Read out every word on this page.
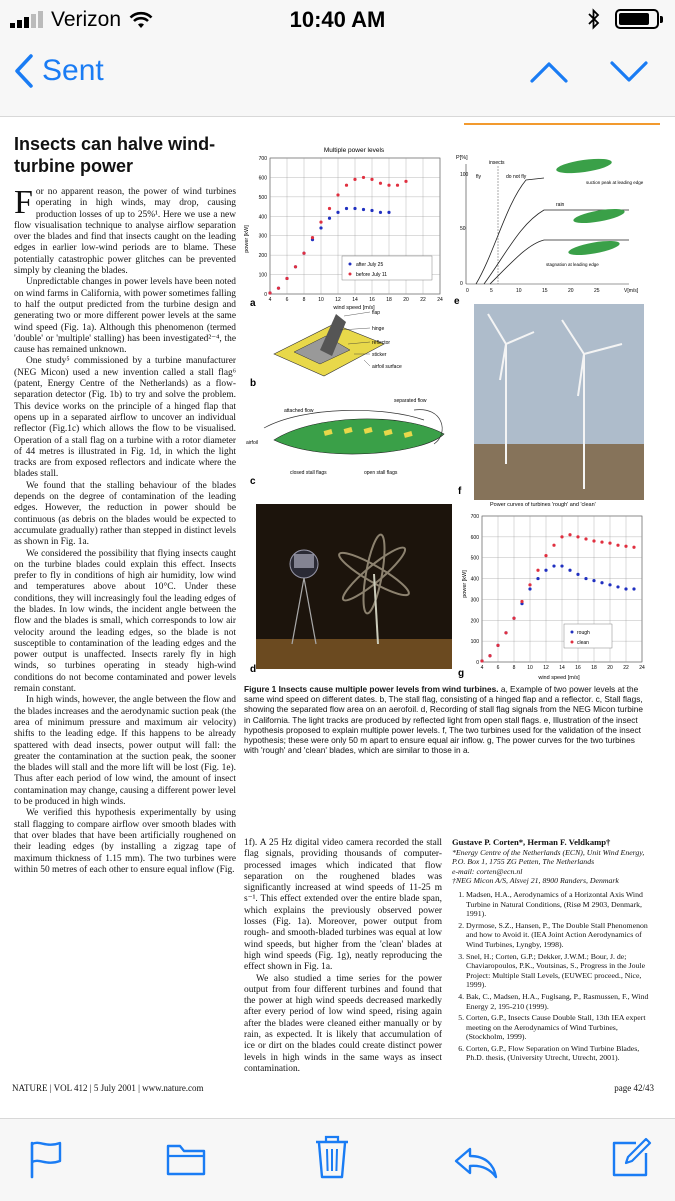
Verizon	10:40 AM
Sent
Insects can halve wind-turbine power

For no apparent reason, the power of wind turbines operating in high winds, may drop, causing production losses of up to 25%¹. Here we use a new flow visualisation technique to analyse airflow separation over the blades and find that insects caught on the leading edges in earlier low-wind periods are to blame. These potentially catastrophic power glitches can be prevented simply by cleaning the blades.

Unpredictable changes in power levels have been noted on wind farms in California, with power sometimes falling to half the output predicted from the turbine design and generating two or more different power levels at the same wind speed (Fig. 1a). Although this phenomenon (termed 'double' or 'multiple' stalling) has been investigated²⁻⁴, the cause has remained unknown.

One study⁵ commissioned by a turbine manufacturer (NEG Micon) used a new invention called a stall flag⁶ (patent, Energy Centre of the Netherlands) as a flow-separation detector (Fig. 1b) to try and solve the problem. This device works on the principle of a hinged flap that opens up in a separated airflow to uncover an individual reflector (Fig.1c) which allows the flow to be visualised. Operation of a stall flag on a turbine with a rotor diameter of 44 metres is illustrated in Fig. 1d, in which the light tracks are from exposed reflectors and indicate where the blades stall.

We found that the stalling behaviour of the blades depends on the degree of contamination of the leading edges. However, the reduction in power should be continuous (as debris on the blades would be expected to accumulate gradually) rather than stepped in distinct levels as shown in Fig. 1a.

We considered the possibility that flying insects caught on the turbine blades could explain this effect. Insects prefer to fly in conditions of high air humidity, low wind and temperatures above about 10°C. Under these conditions, they will increasingly foul the leading edges of the blades. In low winds, the incident angle between the flow and the blades is small, which corresponds to low air velocity around the leading edges, so the blade is not susceptible to contamination of the leading edges and the power output is unaffected. Insects rarely fly in high winds, so turbines operating in steady high-wind conditions do not become contaminated and power levels remain constant.

In high winds, however, the angle between the flow and the blades increases and the aerodynamic suction peak (the area of minimum pressure and maximum air velocity) shifts to the leading edge. If this happens to be already spattered with dead insects, power output will fall: the greater the contamination at the suction peak, the sooner the blades will stall and the more lift will be lost (Fig. 1e). Thus after each period of low wind, the amount of insect contamination may change, causing a different power level to be produced in high winds.

We verified this hypothesis experimentally by using stall flagging to compare airflow over smooth blades with that over blades that have been artificially roughened on their leading edges (by installing a zigzag tape of maximum thickness of 1.15 mm). The two turbines were within 50 metres of each other to ensure equal inflow (Fig.

Multiple power levels
power [kW]
wind speed [m/s]
0
100
200
300
400
500
600
700
4	6	8	10 12 14 16 18 20 22 24
after July 25
before July 11
a
P[%]
100
50
0
0	5	10	15	20	25	V[m/s]
insects
fly	do not fly
suction peak at leading edge
rain
stagnation at leading edge
e
flap
hinge
reflector
sticker
airfoil surface
b
attached flow
separated flow
airfoil
closed stall flags	open stall flags
c
d
Power curves of turbines 'rough' and 'clean'
f
power [kW]
wind speed [m/s]
0
100
200
300
400
500
600
700
4	6	8 10 12 14 16 18 20 22 24
rough
clean
g
Figure 1 Insects cause multiple power levels from wind turbines. a, Example of two power levels at the same wind speed on different dates. b, The stall flag, consisting of a hinged flap and a reflector. c, Stall flags, showing the separated flow area on an aerofoil. d, Recording of stall flag signals from the NEG Micon turbine in California. The light tracks are produced by reflected light from open stall flags. e, Illustration of the insect hypothesis proposed to explain multiple power levels. f, The two turbines used for the validation of the insect hypothesis; these were only 50 m apart to ensure equal air inflow. g, The power curves for the two turbines with 'rough' and 'clean' blades, which are similar to those in a.

1f). A 25 Hz digital video camera recorded the stall flag signals, providing thousands of computer-processed images which indicated that flow separation on the roughened blades was significantly increased at wind speeds of 11-25 m s⁻¹. This effect extended over the entire blade span, which explains the previously observed power losses (Fig. 1a). Moreover, power output from rough- and smooth-bladed turbines was equal at low wind speeds, but higher from the 'clean' blades at high wind speeds (Fig. 1g), neatly reproducing the effect shown in Fig. 1a.

We also studied a time series for the power output from four different turbines and found that the power at high wind speeds decreased markedly after every period of low wind speed, rising again after the blades were cleaned either manually or by rain, as expected. It is likely that accumulation of ice or dirt on the blades could create distinct power levels in high winds in the same ways as insect contamination.

Gustave P. Corten*, Herman F. Veldkamp†
*Energy Centre of the Netherlands (ECN), Unit Wind Energy, P.O. Box 1, 1755 ZG Petten, The Netherlands
e-mail: corten@ecn.nl
†NEG Micon A/S, Alsvej 21, 8900 Randers, Denmark
1. Madsen, H.A., Aerodynamics of a Horizontal Axis Wind Turbine in Natural Conditions, (Risø M 2903, Denmark, 1991).
2. Dyrmose, S.Z., Hansen, P., The Double Stall Phenomenon and how to Avoid it. (IEA Joint Action Aerodynamics of Wind Turbines, Lyngby, 1998).
3. Snel, H.; Corten, G.P.; Dekker, J.W.M.; Bour, J. de; Chaviaropoulos, P.K., Voutsinas, S., Progress in the Joule Project: Multiple Stall Levels, (EUWEC proceed., Nice, 1999).
4. Bak, C., Madsen, H.A., Fuglsang, P., Rasmussen, F., Wind Energy 2, 195-210 (1999).
5. Corten, G.P., Insects Cause Double Stall, 13th IEA expert meeting on the Aerodynamics of Wind Turbines, (Stockholm, 1999).
6. Corten, G.P., Flow Separation on Wind Turbine Blades, Ph.D. thesis, (University Utrecht, Utrecht, 2001).
NATURE | VOL 412 | 5 July 2001 | www.nature.com	page 42/43
